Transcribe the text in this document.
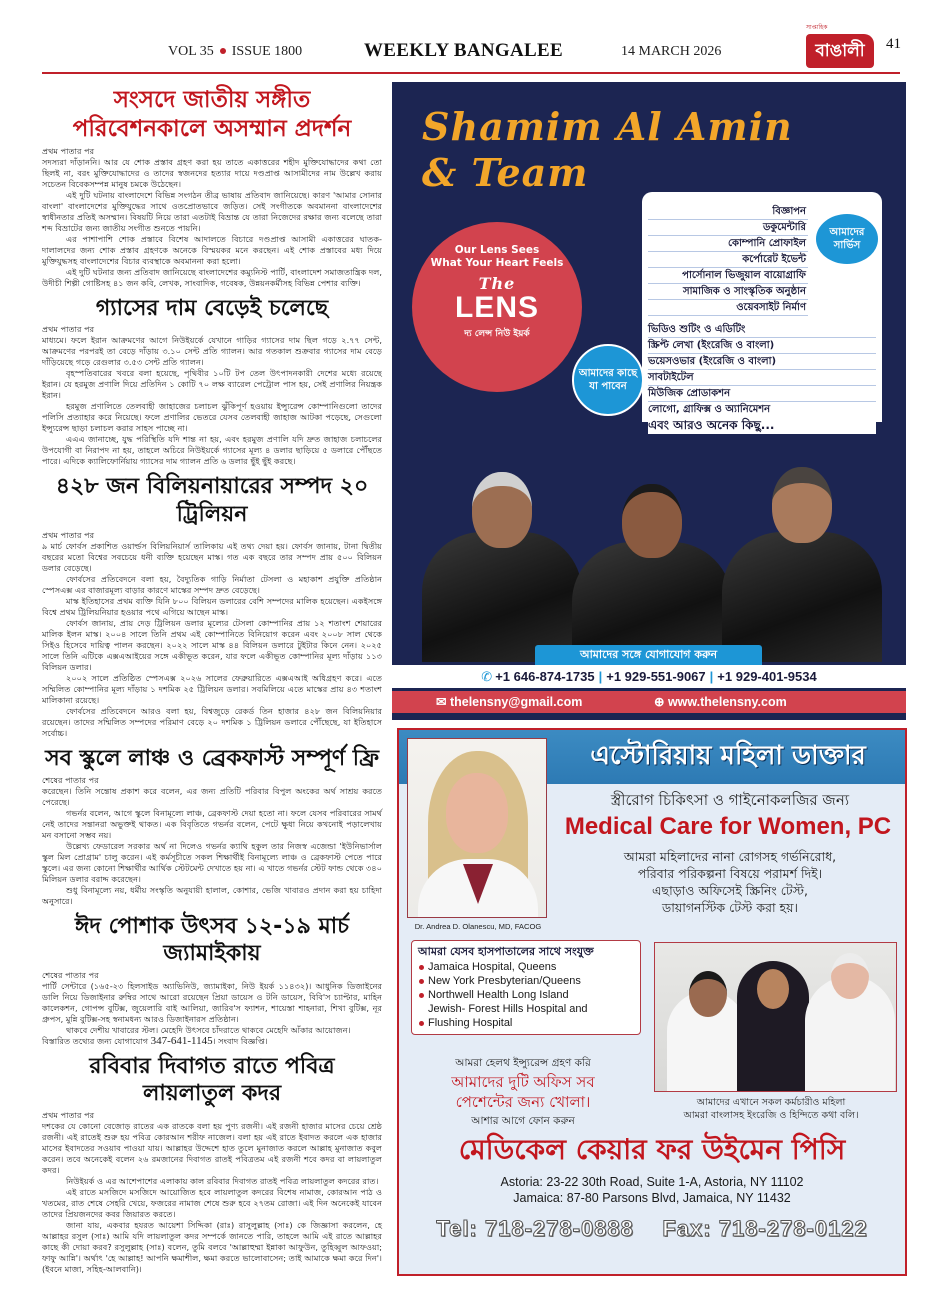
VOL 35 ISSUE 1800	WEEKLY BANGALEE	14 MARCH 2026	বাঙালী
সাপ্তাহিক
41
সংসদে জাতীয় সঙ্গীত
পরিবেশনকালে অসম্মান প্রদর্শন
প্রথম পাতার পর

সদস্যরা দাঁড়াননি। আর যে শোক প্রস্তাব গ্রহণ করা হয় তাতে একাত্তরের শহীদ মুক্তিযোদ্ধাদের কথা তো ছিলই না, বরং মুক্তিযোদ্ধাদের ও তাদের স্বজনদের হত্যার দায়ে দণ্ডপ্রাপ্ত আসামীদের নাম উল্লেখ করায় সচেতন বিবেকসম্পন্ন মানুষ চমকে উঠেছেন।

এই দুটি ঘটনায় বাংলাদেশে বিভিন্ন সংগঠন তীব্র ভাষায় প্রতিবাদ জানিয়েছে। কারণ 'আমার সোনার বাংলা' বাংলাদেশের মুক্তিযুদ্ধের সাথে ওতপ্রোতভাবে জড়িত। সেই সংগীতকে অবমাননা বাংলাদেশের স্বাধীনতার প্রতিই অসম্মান। বিষয়টি নিয়ে তারা এতটাই বিভ্রান্ত যে তারা নিজেদের রক্ষার জন্য বলেছে তারা শব্দ বিভ্রাটের জন্য জাতীয় সংগীত শুনতে পায়নি।

এর পাশাপাশি শোক প্রস্তাবে বিশেষ আদালতে বিচারে দণ্ডপ্রাপ্ত আসামী একাত্তরের ঘাতক-দালালদের জন্য শোক প্রস্তাব গ্রহণকে অনেকে বিস্ময়কর মনে করছেন। এই শোক প্রস্তাবের মধ্য দিয়ে মুক্তিযুদ্ধসহ বাংলাদেশের বিচার ব্যবস্থাকে অবমাননা করা হলো।

এই দুটি ঘটনার জন্য প্রতিবাদ জানিয়েছে বাংলাদেশের কম্যুনিস্ট পার্টি, বাংলাদেশ সমাজতান্ত্রিক দল, উদীচী শিল্পী গোষ্টিসহ ৪১ জন কবি, লেখক, সাংবাদিক, গবেষক, উন্নয়নকর্মীসহ বিভিন্ন পেশার ব্যক্তি।

গ্যাসের দাম বেড়েই চলেছে
প্রথম পাতার পর

মাধ্যমে। ফলে ইরান আক্রমণের আগে নিউইয়র্কে যেখানে গাড়ির গ্যাসের দাম ছিল গড়ে ২.৭৭ সেন্ট, আক্রমণের পরপরই তা বেড়ে দাঁড়ায় ৩.১০ সেন্ট প্রতি গ্যালন। আর গতকাল শুক্রবার গ্যাসের দাম বেড়ে দাঁড়িয়েছে গড়ে রেগুলার ৩.৫৩ সেন্ট প্রতি গ্যালন।

বৃহস্পতিবারের খবরে বলা হয়েছে, পৃথিবীর ১০টি টপ তেল উৎপাদনকারী দেশের মধ্যে রয়েছে ইরান। যে হরমুজ প্রণালি দিয়ে প্রতিদিন ১ কোটি ৭০ লক্ষ ব্যারেল পেট্রোল পাস হয়, সেই প্রণালির নিয়ন্ত্রক ইরান।

হরমুজ প্রণালিতে তেলবাহী জাহাজের চলাচল ঝুঁকিপূর্ণ হওয়ায় ইন্স্যুরেন্স কোম্পানিগুলো তাদের পলিসি প্রত্যাহার করে নিয়েছে। ফলে প্রণালির ভেতরে যেসব তেলবাহী জাহাজ আটকা পড়েছে, সেগুলো ইন্স্যুরেন্স ছাড়া চলাচল করার সাহস পাচ্ছে না।

এএএ জানাচ্ছে, যুদ্ধ পরিস্থিতি যদি শান্ত না হয়, এবং হরমুজ প্রণালি যদি দ্রুত জাহাজ চলাচলের উপযোগী বা নিরাপদ না হয়, তাহলে অচিরে নিউইয়র্কে গ্যাসের মূল্য ৪ ডলার ছাড়িয়ে ৫ ডলারে পৌঁছতে পারে। এদিকে ক্যালিফোর্নিয়ায় গ্যাসের দাম গ্যালন প্রতি ৬ ডলার ছুঁই ছুঁই করছে।

৪২৮ জন বিলিয়নায়ারের সম্পদ ২০ ট্রিলিয়ন
প্রথম পাতার পর

৯ মার্চ ফোর্বস প্রকাশিত ওয়ার্ল্ডস বিলিয়নিয়ার্স তালিকায় এই তথ্য দেয়া হয়। ফোর্বস জানায়, টানা দ্বিতীয় বছরের মতো বিশ্বের সবচেয়ে ধনী ব্যক্তি হয়েছেন মাস্ক। গত এক বছরে তার সম্পদ প্রায় ৫০০ বিলিয়ন ডলার বেড়েছে।

ফোর্বসের প্রতিবেদনে বলা হয়, বৈদ্যুতিক গাড়ি নির্মাতা টেসলা ও মহাকাশ প্রযুক্তি প্রতিষ্ঠান স্পেসএক্স এর বাজারমূল্য বাড়ার কারণে মাস্কের সম্পদ দ্রুত বেড়েছে।

মাস্ক ইতিহাসের প্রথম ব্যক্তি যিনি ৮০০ বিলিয়ন ডলারের বেশি সম্পদের মালিক হয়েছেন। একইসঙ্গে বিশ্বে প্রথম ট্রিলিয়নিয়ার হওয়ার পথে এগিয়ে আছেন মাস্ক।

ফোর্বস জানায়, প্রায় দেড় ট্রিলিয়ন ডলার মূল্যের টেসলা কোম্পানির প্রায় ১২ শতাংশ শেয়ারের মালিক ইলন মাস্ক। ২০০৪ সালে তিনি প্রথম এই কোম্পানিতে বিনিয়োগ করেন এবং ২০০৮ সাল থেকে সিইও হিসেবে দায়িত্ব পালন করছেন। ২০২২ সালে মাস্ক ৪৪ বিলিয়ন ডলারে টুইটার কিনে নেন। ২০২৫ সালে তিনি এটিকে এক্সএআইয়ের সঙ্গে একীভূত করেন, যার ফলে একীভূত কোম্পানির মূল্য দাঁড়ায় ১১৩ বিলিয়ন ডলার।

২০০২ সালে প্রতিষ্ঠিত স্পেসএক্স ২০২৬ সালের ফেব্রুয়ারিতে এক্সএআই অধিগ্রহণ করে। এতে সম্মিলিত কোম্পানির মূল্য দাঁড়ায় ১ দশমিক ২৫ ট্রিলিয়ন ডলার। সবমিলিয়ে এতে মাস্কের প্রায় ৪৩ শতাংশ মালিকানা রয়েছে।

ফোর্বসের প্রতিবেদনে আরও বলা হয়, বিশ্বজুড়ে রেকর্ড তিন হাজার ৪২৮ জন বিলিয়নিয়ার রয়েছেন। তাদের সম্মিলিত সম্পদের পরিমাণ বেড়ে ২০ দশমিক ১ ট্রিলিয়ন ডলারে পৌঁছেছে, যা ইতিহাসে সর্বোচ্চ।

সব স্কুলে লাঞ্চ ও ব্রেকফাস্ট সম্পূর্ণ ফ্রি
শেষের পাতার পর

করেছেন। তিনি সন্তোষ প্রকাশ করে বলেন, এর জন্য প্রতিটি পরিবার বিপুল অংকের অর্থ সাশ্রয় করতে পেরেছে।

গভর্নর বলেন, আগে স্কুলে বিনামূল্যে লাঞ্চ, ব্রেকফাস্ট দেয়া হতো না। ফলে যেসব পরিবারের সামর্থ নেই তাদের সন্তানরা অভুক্তই থাকত। এক বিবৃতিতে গভর্নর বলেন, পেটে ক্ষুধা নিয়ে কখনোই পড়ালেখায় মন বসানো সম্ভব নয়।

উল্লেখ্য ফেডারেল সরকার অর্থ না দিলেও গভর্নর ক্যাথি হকুল তার নিজস্ব এজেন্ডা 'ইউনিভার্সাল স্কুল মিল প্রোগ্রাম' চালু করেন। এই কর্মসূচীতে সকল শিক্ষার্থীই বিনামূল্যে লাঞ্চ ও ব্রেকফাস্ট পেতে পারে স্কুলে। এর জন্য কোনো শিক্ষার্থীর আর্থিক স্টেটমেন্ট দেখাতে হয় না। এ খাতে গভর্নর স্টেট ফান্ড থেকে ৩৪০ মিলিয়ন ডলার বরাদ্দ করেছেন।

শুধু বিনামূল্যে নয়, ধর্মীয় সংস্কৃতি অনুযায়ী হালাল, কোশার, ভেজি খাবারও প্রদান করা হয় চাহিদা অনুসারে।

ঈদ পোশাক উৎসব ১২-১৯ মার্চ জ্যামাইকায়
শেষের পাতার পর

পার্টি সেন্টারে (১৬৫-২৩ হিলসাইড অ্যাভিনিউ, জ্যামাইকা, নিউ ইয়র্ক ১১৪৩২)। আধুনিক ডিজাইনের ডালি নিয়ে ডিজাইনার রুম্বির সাথে আরো রয়েছেন প্রিয়া ডায়েস ও টনি ডায়েস, বিবি'স চ্যাপ্টার, মাহিন কালেকশন, গোপন্স বুটিক্স, জুয়েলারি বাই আলিয়া, জারিব'স ফ্যাশন, শায়েস্তা শাহনারা, শিখা বুটিক্স, নূর গ্রুপস, মুন্নি বুটিক্স-সহ স্বনামধন্য আরও ডিজাইনারস প্রতিষ্ঠান।

থাকবে দেশীয় খাবারের স্টল। মেহেদি উৎসবে চাঁদরাতে থাকবে মেহেদি আঁকার আয়োজন।

বিস্তারিত তথ্যের জন্য যোগাযোগ 347-641-1145। সংবাদ বিজ্ঞপ্তি।

রবিবার দিবাগত রাতে পবিত্র লায়লাতুল কদর
প্রথম পাতার পর

দশকের যে কোনো বেজোড় রাতের এক রাতকে বলা হয় পুণ্য রজনী। এই রজনী হাজার মাসের চেয়ে শ্রেষ্ঠ রজনী। এই রাতেই শুরু হয় পবিত্র কোরআন শরীফ নাজেল। বলা হয় এই রাতে ইবাদত করলে এক হাজার মাসের ইবাদতের সওয়াব পাওয়া যায়। আল্লাহর উদ্দেশে হাত তুলে মুনাজাত করলে আল্লাহ মুনাজাত কবুল করেন। তবে অনেকেই বলেন ২৬ রমজানের দিবাগত রাতই পবিত্রতম এই রজনী শবে কদর বা লায়লাতুল কদর।

নিউইয়র্ক ও এর আশেপাশের এলাকায় কাল রবিবার দিবাগত রাতই পবিত্র লায়লাতুল কদরের রাত।

এই রাতে মসজিদে মসজিদে আয়োজিত হবে লায়লাতুল কদরের বিশেষ নামাজ, কোরআন পাঠ ও খতমের, রাত শেষে সেহরি খেয়ে, ফজরের নামাজ শেষে শুরু হবে ২৭তম রোজা। এই দিন অনেকেই যাবেন তাদের প্রিয়জনদের কবর জিয়ারত করতে।

জানা যায়, একবার হযরত আয়েশা সিদ্দিকা (রাঃ) রাসুলুল্লাহ (সাঃ) কে জিজ্ঞাসা করলেন, হে আল্লাহর রসুল (সাঃ) আমি যদি লায়লাতুল কদর সম্পর্কে জানতে পারি, তাহলে আমি এই রাতে আল্লাহর কাছে কী দোয়া করব? রসুলুল্লাহ (সাঃ) বলেন, তুমি বলবে 'আল্লাহুম্মা ইন্নাকা আফুউন, তুহিব্বুল আফওয়া; ফাফু আন্নি'। অর্থাৎ 'হে আল্লাহ! আপনি ক্ষমাশীল, ক্ষমা করতে ভালোবাসেন; তাই আমাকে ক্ষমা করে দিন'। (ইবনে মাজা, সহিহ-আলবানি)।

Shamim Al Amin
& Team
বিজ্ঞাপন
ডকুমেন্টারি
কোম্পানি প্রোফাইল
কর্পোরেট ইভেন্ট
পার্সোনাল ভিজুয়াল বায়োগ্রাফি
সামাজিক ও সাংস্কৃতিক অনুষ্ঠান
ওয়েবসাইট নির্মাণ
আমাদের সার্ভিস
Our Lens Sees
What Your Heart Feels
The
LENS
দ্য লেন্স নিউ ইয়র্ক
আমাদের কাছে যা পাবেন
ভিডিও শুটিং ও এডিটিং
স্ক্রিপ্ট লেখা (ইংরেজি ও বাংলা)
ভয়েসওভার (ইংরেজি ও বাংলা)
সাবটাইটেল
মিউজিক প্রোডাকশন
লোগো, গ্রাফিক্স ও অ্যানিমেশন
এবং আরও অনেক কিছু...
আমাদের সঙ্গে যোগাযোগ করুন
✆ +1 646-874-1735 | +1 929-551-9067 | +1 929-401-9534
✉ thelensny@gmail.com	⊕ www.thelensny.com
Dr. Andrea D. Olanescu, MD, FACOG
এস্টোরিয়ায় মহিলা ডাক্তার
স্ত্রীরোগ চিকিৎসা ও গাইনোকলজির জন্য
Medical Care for Women, PC
আমরা মহিলাদের নানা রোগসহ গর্ভনিরোধ,
পরিবার পরিকল্পনা বিষয়ে পরামর্শ দিই।
এছাড়াও অফিসেই স্ক্রিনিং টেস্ট,
ডায়াগনস্টিক টেস্ট করা হয়।
আমরা যেসব হাসপাতালের সাথে সংযুক্ত
Jamaica Hospital, Queens
New York Presbyterian/Queens
Northwell Health Long Island
Jewish- Forest Hills Hospital and
Flushing Hospital
আমরা হেলথ ইন্স্যুরেন্স গ্রহণ করি
আমাদের দুটি অফিস সব
পেশেন্টের জন্য খোলা।
আশার আগে ফোন করুন
আমাদের এখানে সকল কর্মচারীও মহিলা
আমরা বাংলাসহ ইংরেজি ও হিন্দিতে কথা বলি।
মেডিকেল কেয়ার ফর উইমেন পিসি
Astoria: 23-22 30th Road, Suite 1-A, Astoria, NY 11102
Jamaica: 87-80 Parsons Blvd, Jamaica, NY 11432
Tel: 718-278-0888 Fax: 718-278-0122
